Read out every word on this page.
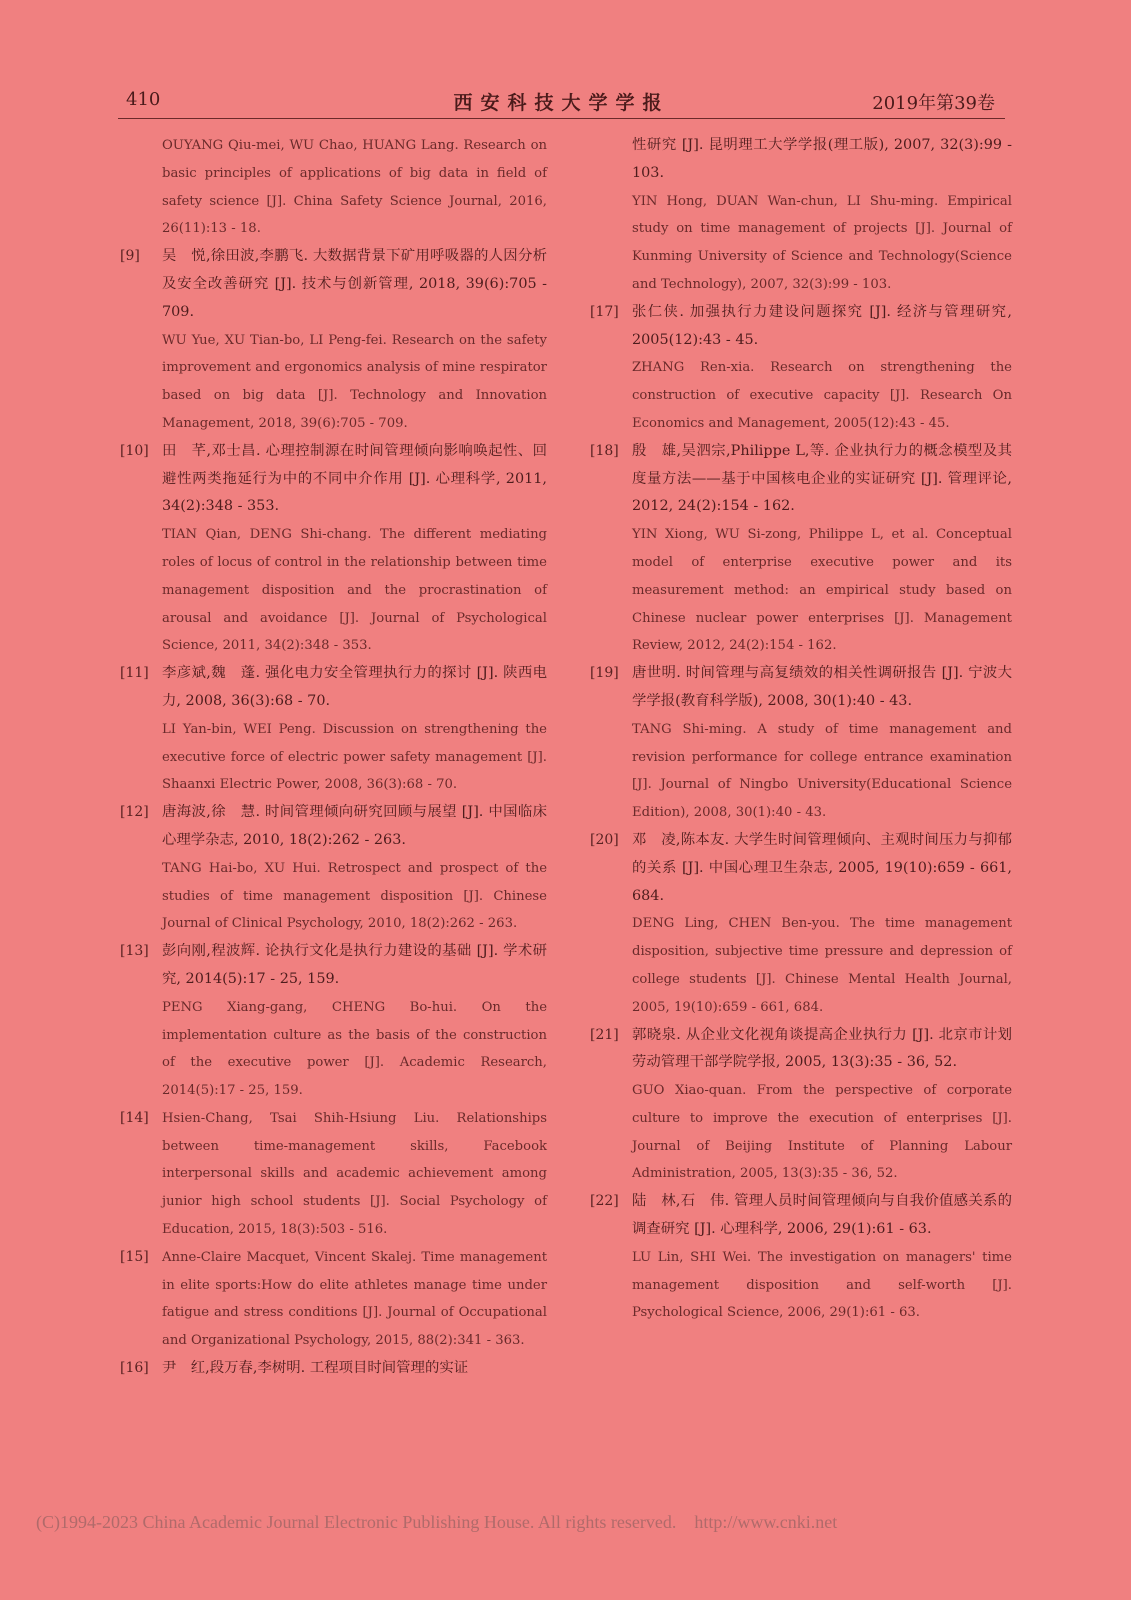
410	西安科技大学学报	2019年第39卷
OUYANG Qiu-mei, WU Chao, HUANG Lang. Research on basic principles of applications of big data in field of safety science [J]. China Safety Science Journal, 2016, 26(11):13 - 18.
[9] 吴　悦,徐田波,李鹏飞. 大数据背景下矿用呼吸器的人因分析及安全改善研究 [J]. 技术与创新管理, 2018, 39(6):705 - 709.
WU Yue, XU Tian-bo, LI Peng-fei. Research on the safety improvement and ergonomics analysis of mine respirator based on big data [J]. Technology and Innovation Management, 2018, 39(6):705 - 709.
[10] 田　芊,邓士昌. 心理控制源在时间管理倾向影响唤起性、回避性两类拖延行为中的不同中介作用 [J]. 心理科学, 2011, 34(2):348 - 353.
TIAN Qian, DENG Shi-chang. The different mediating roles of locus of control in the relationship between time management disposition and the procrastination of arousal and avoidance [J]. Journal of Psychological Science, 2011, 34(2):348 - 353.
[11] 李彦斌,魏　蓬. 强化电力安全管理执行力的探讨 [J]. 陕西电力, 2008, 36(3):68 - 70.
LI Yan-bin, WEI Peng. Discussion on strengthening the executive force of electric power safety management [J]. Shaanxi Electric Power, 2008, 36(3):68 - 70.
[12] 唐海波,徐　慧. 时间管理倾向研究回顾与展望 [J]. 中国临床心理学杂志, 2010, 18(2):262 - 263.
TANG Hai-bo, XU Hui. Retrospect and prospect of the studies of time management disposition [J]. Chinese Journal of Clinical Psychology, 2010, 18(2):262 - 263.
[13] 彭向刚,程波辉. 论执行文化是执行力建设的基础 [J]. 学术研究, 2014(5):17 - 25, 159.
PENG Xiang-gang, CHENG Bo-hui. On the implementation culture as the basis of the construction of the executive power [J]. Academic Research, 2014(5):17 - 25, 159.
[14] Hsien-Chang, Tsai Shih-Hsiung Liu. Relationships between time-management skills, Facebook interpersonal skills and academic achievement among junior high school students [J]. Social Psychology of Education, 2015, 18(3):503 - 516.
[15] Anne-Claire Macquet, Vincent Skalej. Time management in elite sports:How do elite athletes manage time under fatigue and stress conditions [J]. Journal of Occupational and Organizational Psychology, 2015, 88(2):341 - 363.
[16] 尹　红,段万春,李树明. 工程项目时间管理的实证
性研究 [J]. 昆明理工大学学报(理工版), 2007, 32(3):99 - 103.
YIN Hong, DUAN Wan-chun, LI Shu-ming. Empirical study on time management of projects [J]. Journal of Kunming University of Science and Technology(Science and Technology), 2007, 32(3):99 - 103.
[17] 张仁侠. 加强执行力建设问题探究 [J]. 经济与管理研究, 2005(12):43 - 45.
ZHANG Ren-xia. Research on strengthening the construction of executive capacity [J]. Research On Economics and Management, 2005(12):43 - 45.
[18] 殷　雄,吴泗宗,Philippe L,等. 企业执行力的概念模型及其度量方法——基于中国核电企业的实证研究 [J]. 管理评论, 2012, 24(2):154 - 162.
YIN Xiong, WU Si-zong, Philippe L, et al. Conceptual model of enterprise executive power and its measurement method: an empirical study based on Chinese nuclear power enterprises [J]. Management Review, 2012, 24(2):154 - 162.
[19] 唐世明. 时间管理与高复绩效的相关性调研报告 [J]. 宁波大学学报(教育科学版), 2008, 30(1):40 - 43.
TANG Shi-ming. A study of time management and revision performance for college entrance examination [J]. Journal of Ningbo University(Educational Science Edition), 2008, 30(1):40 - 43.
[20] 邓　凌,陈本友. 大学生时间管理倾向、主观时间压力与抑郁的关系 [J]. 中国心理卫生杂志, 2005, 19(10):659 - 661, 684.
DENG Ling, CHEN Ben-you. The time management disposition, subjective time pressure and depression of college students [J]. Chinese Mental Health Journal, 2005, 19(10):659 - 661, 684.
[21] 郭晓泉. 从企业文化视角谈提高企业执行力 [J]. 北京市计划劳动管理干部学院学报, 2005, 13(3):35 - 36, 52.
GUO Xiao-quan. From the perspective of corporate culture to improve the execution of enterprises [J]. Journal of Beijing Institute of Planning Labour Administration, 2005, 13(3):35 - 36, 52.
[22] 陆　林,石　伟. 管理人员时间管理倾向与自我价值感关系的调查研究 [J]. 心理科学, 2006, 29(1):61 - 63.
LU Lin, SHI Wei. The investigation on managers' time management disposition and self-worth [J]. Psychological Science, 2006, 29(1):61 - 63.
(C)1994-2023 China Academic Journal Electronic Publishing House. All rights reserved. http://www.cnki.net
